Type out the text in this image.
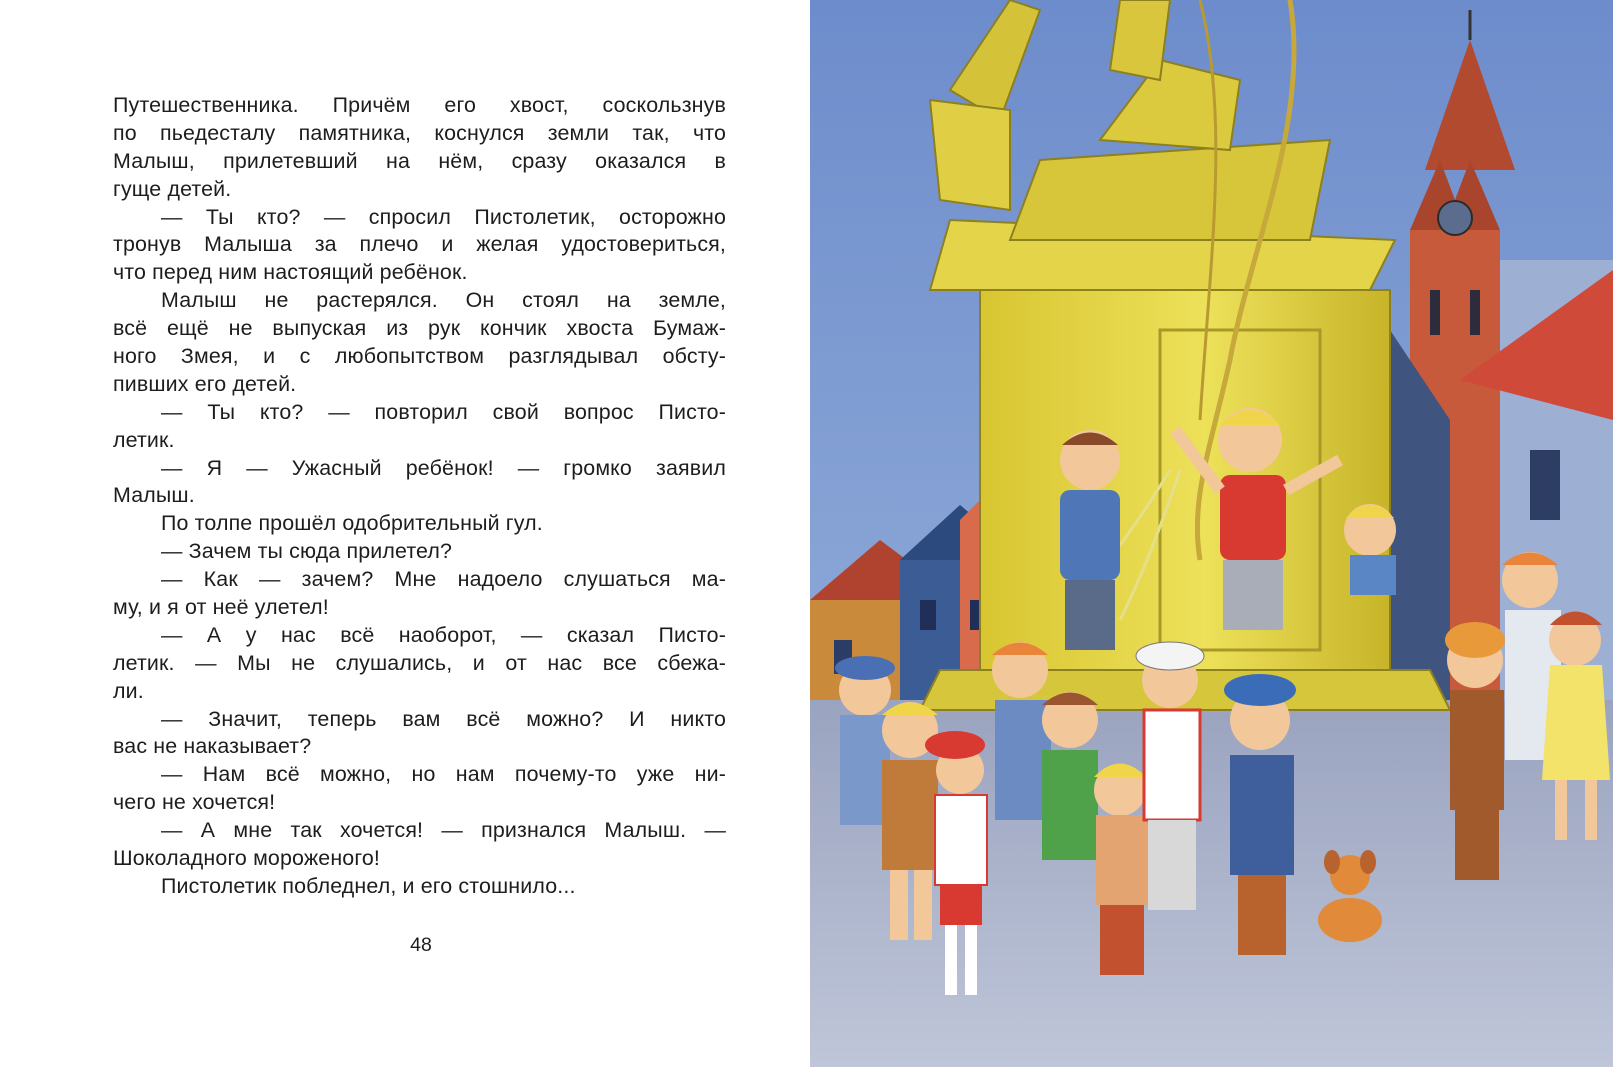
Путешественника. Причём его хвост, соскользнув
по пьедесталу памятника, коснулся земли так, что
Малыш, прилетевший на нём, сразу оказался в
гуще детей.
— Ты кто? — спросил Пистолетик, осторожно
тронув Малыша за плечо и желая удостовериться,
что перед ним настоящий ребёнок.
Малыш не растерялся. Он стоял на земле,
всё ещё не выпуская из рук кончик хвоста Бумаж-
ного Змея, и с любопытством разглядывал обсту-
пивших его детей.
— Ты кто? — повторил свой вопрос Писто-
летик.
— Я — Ужасный ребёнок! — громко заявил
Малыш.
По толпе прошёл одобрительный гул.
— Зачем ты сюда прилетел?
— Как — зачем? Мне надоело слушаться ма-
му, и я от неё улетел!
— А у нас всё наоборот, — сказал Писто-
летик. — Мы не слушались, и от нас все сбежа-
ли.
— Значит, теперь вам всё можно? И никто
вас не наказывает?
— Нам всё можно, но нам почему-то уже ни-
чего не хочется!
— А мне так хочется! — признался Малыш. —
Шоколадного мороженого!
Пистолетик побледнел, и его стошнило...
48
